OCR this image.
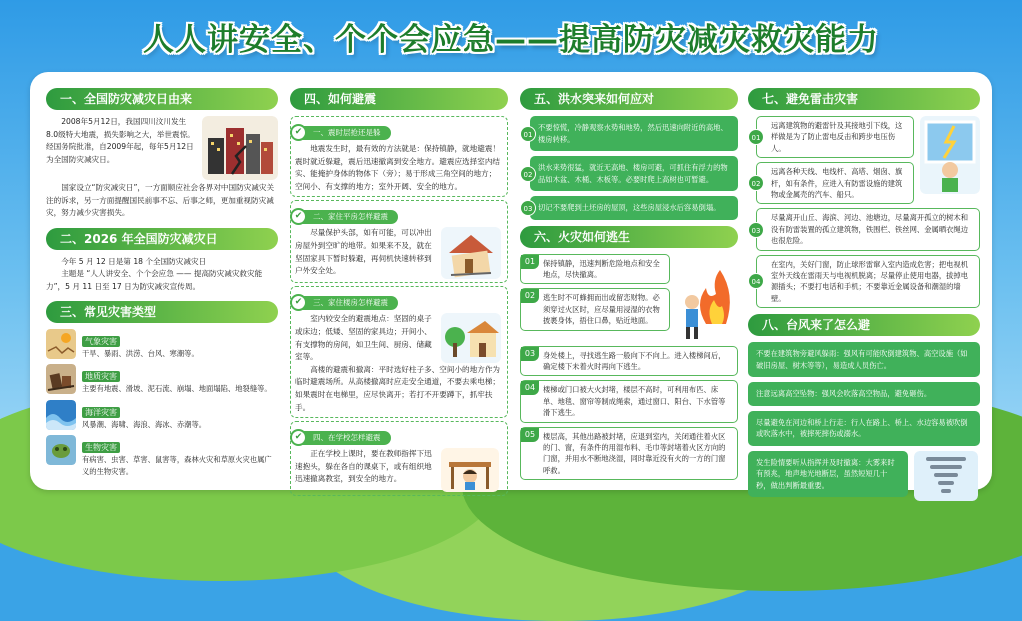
人人讲安全、个个会应急——提高防灾减灾救灾能力
一、全国防灾减灾日由来
2008年5月12日，我国四川汶川发生8.0级特大地震，损失影响之大，举世震惊。经国务院批准，自2009年起，每年5月12日为全国防灾减灾日。
国家设立“防灾减灾日”，一方面顺应社会各界对中国防灾减灾关注的诉求，另一方面提醒国民前事不忘、后事之师，更加重视防灾减灾，努力减少灾害损失。
二、2026 年全国防灾减灾日
今年 5 月 12 日是第 18 个全国防灾减灾日
主题是 “人人讲安全、个个会应急 —— 提高防灾减灾救灾能力”，5 月 11 日至 17 日为防灾减灾宣传周。
三、常见灾害类型
气象灾害
干旱、暴雨、洪涝、台风、寒潮等。
地质灾害
主要有地震、滑坡、泥石流、崩塌、地面塌陷、地裂缝等。
海洋灾害
风暴潮、海啸、海浪、海冰、赤潮等。
生物灾害
有病害、虫害、草害、鼠害等，森林火灾和草原火灾也属广义的生物灾害。
四、如何避震
✔	一、震时层抢还是躲
地震发生时，最有效的方法就是：保持镇静，就地避震！震时就近躲避，震后迅速撤离到安全地方。避震应选择室内结实、能掩护身体的物体下（旁）；易于形成三角空间的地方；空间小、有支撑的地方；室外开阔、安全的地方。
✔	二、家住平房怎样避震
尽量保护头部，如有可能，可以冲出房屋外到空旷的地带。如果来不及，就在坚固家具下暂时躲避，再伺机快速转移到户外安全处。
✔	三、家住楼房怎样避震
室内较安全的避震地点：坚固的桌子或床边；低矮、坚固的家具边；开间小、有支撑物的房间，如卫生间、厨房、储藏室等。
高楼的避震和撤离：平时选好柱子多、空间小的地方作为临时避震场所。从高楼撤离时应走安全通道，不要去乘电梯；如果震时在电梯里，应尽快离开；若打不开要蹲下，抓牢扶手。
✔	四、在学校怎样避震
正在学校上课时，要在教师指挥下迅速抱头，躲在各自的课桌下，或有组织地迅速撤离教室，到安全的地方。
五、洪水突来如何应对
01
不要惊慌，冷静观察水势和地势，然后迅速向附近的高地、楼房转移。
02
洪水来势很猛，就近无高地、楼房可避，可抓住有浮力的物品如木盆、木桶、木板等。必要时爬上高树也可暂避。
03 切记不要爬到土坯房的屋顶，这些房屋浸水后容易倒塌。
六、火灾如何逃生
01	保持镇静，迅速判断危险地点和安全地点，尽快撤离。
02	逃生时不可蜂拥而出或留恋财物。必须穿过火区时，应尽量用浸湿的衣物披裹身体，捂住口鼻，贴近地面。
03	身处楼上，寻找逃生路一般向下不向上。进入楼梯间后，确定楼下未着火时再向下逃生。
04	楼梯或门口被大火封堵，楼层不高时，可利用布匹、床单、地毯、窗帘等制成绳索，通过窗口、阳台、下水管等滑下逃生。
05	楼层高，其他出路被封堵，应退到室内，关闭通往着火区的门、窗，有条件的用湿布料、毛巾等封堵着火区方向的门窗，并用水不断地浇湿，同时靠近没有火的一方的门窗呼救。
七、避免雷击灾害
01
远离建筑物的避雷针及其接地引下线，这样做是为了防止雷电反击和跨步电压伤人。
02
远离各种天线、电线杆、高塔、烟囱、旗杆，如有条件，应进入有防雷设施的建筑物或金属壳的汽车、船只。
03
尽量离开山丘、海滨、河边、池塘边，尽量离开孤立的树木和没有防雷装置的孤立建筑物，铁围栏、铁丝网、金属晒衣绳边也很危险。
04
在室内，关好门窗，防止球形雷窜入室内造成危害；把电视机室外天线在雷雨天与电视机脱离；尽量停止使用电器，拔掉电源插头；不要打电话和手机；不要靠近金属设备和潮湿的墙壁。
八、台风来了怎么避
不要在建筑物旁避风躲雨：强风有可能吹倒建筑物、高空设施（如破旧房屋、树木等等），易造成人员伤亡。
注意远离高空坠物：强风会吹落高空物品，避免砸伤。
尽量避免在河边和桥上行走：行人在路上、桥上、水边容易被吹倒或吹落水中，被摔死摔伤或溺水。
发生险情要听从指挥并及时撤离：大雾来时有预兆，地声地光地断层，虽然短短几十秒，做出判断最重要。
